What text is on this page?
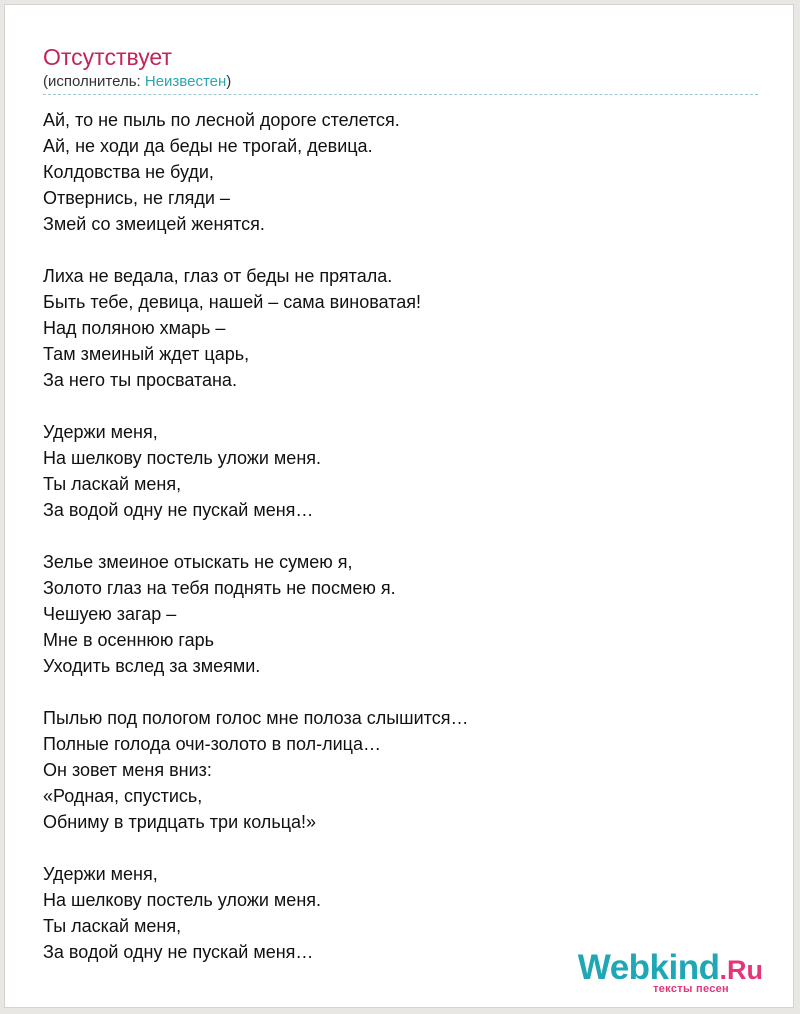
Отсутствует
(исполнитель: Неизвестен)
Ай, то не пыль по лесной дороге стелется.
Ай, не ходи да беды не трогай, девица.
Колдовства не буди,
Отвернись, не гляди –
Змей со змеицей женятся.
Лиха не ведала, глаз от беды не прятала.
Быть тебе, девица, нашей – сама виноватая!
Над поляною хмарь –
Там змеиный ждет царь,
За него ты просватана.
Удержи меня,
На шелкову постель уложи меня.
Ты ласкай меня,
За водой одну не пускай меня…
Зелье змеиное отыскать не сумею я,
Золото глаз на тебя поднять не посмею я.
Чешуею загар –
Мне в осеннюю гарь
Уходить вслед за змеями.
Пылью под пологом голос мне полоза слышится…
Полные голода очи-золото в пол-лица…
Он зовет меня вниз:
«Родная, спустись,
Обниму в тридцать три кольца!»
Удержи меня,
На шелкову постель уложи меня.
Ты ласкай меня,
За водой одну не пускай меня…	Webkind.Ru
тексты песен
